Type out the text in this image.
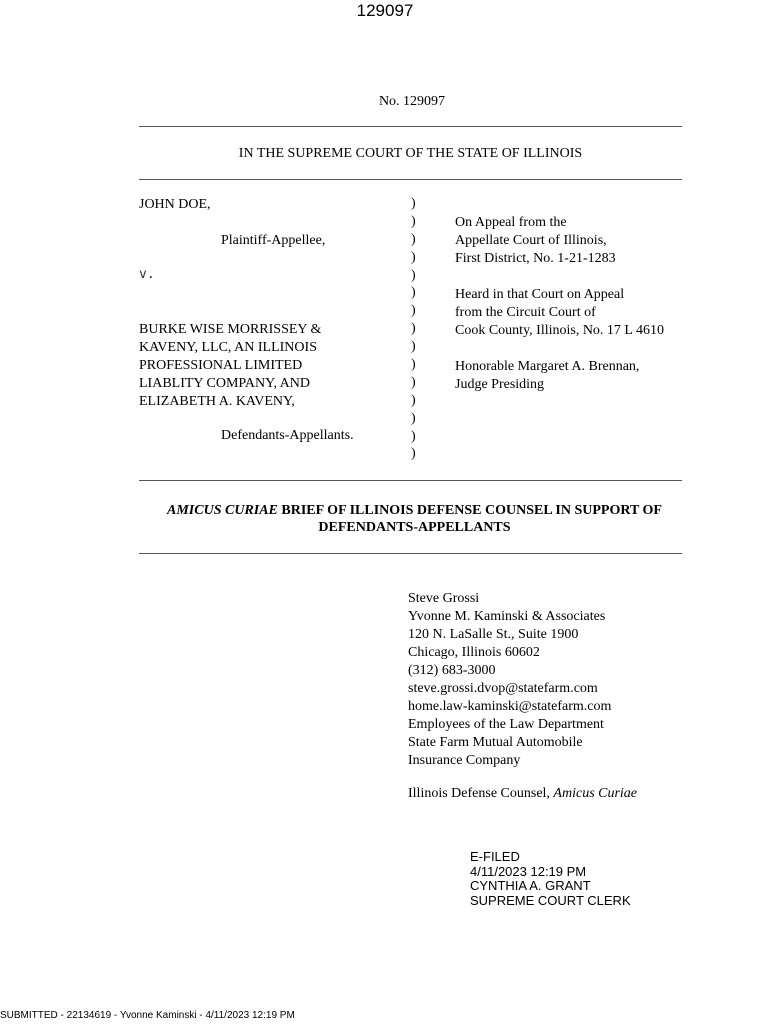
129097
No. 129097
IN THE SUPREME COURT OF THE STATE OF ILLINOIS
JOHN DOE,
Plaintiff-Appellee,
v.
BURKE WISE MORRISSEY &
KAVENY, LLC, AN ILLINOIS
PROFESSIONAL LIMITED
LIABLITY COMPANY, AND
ELIZABETH A. KAVENY,
Defendants-Appellants.
)
)
)
)
)
)
)
)
)
)
)
)
)
)
)
On Appeal from the
Appellate Court of Illinois,
First District, No. 1-21-1283
Heard in that Court on Appeal
from the Circuit Court of
Cook County, Illinois, No. 17 L 4610
Honorable Margaret A. Brennan,
Judge Presiding
AMICUS CURIAE BRIEF OF ILLINOIS DEFENSE COUNSEL IN SUPPORT OF
DEFENDANTS-APPELLANTS
Steve Grossi
Yvonne M. Kaminski & Associates
120 N. LaSalle St., Suite 1900
Chicago, Illinois 60602
(312) 683-3000
steve.grossi.dvop@statefarm.com
home.law-kaminski@statefarm.com
Employees of the Law Department
State Farm Mutual Automobile
Insurance Company
Illinois Defense Counsel, Amicus Curiae
E-FILED
4/11/2023 12:19 PM
CYNTHIA A. GRANT
SUPREME COURT CLERK
SUBMITTED - 22134619 - Yvonne Kaminski - 4/11/2023 12:19 PM
